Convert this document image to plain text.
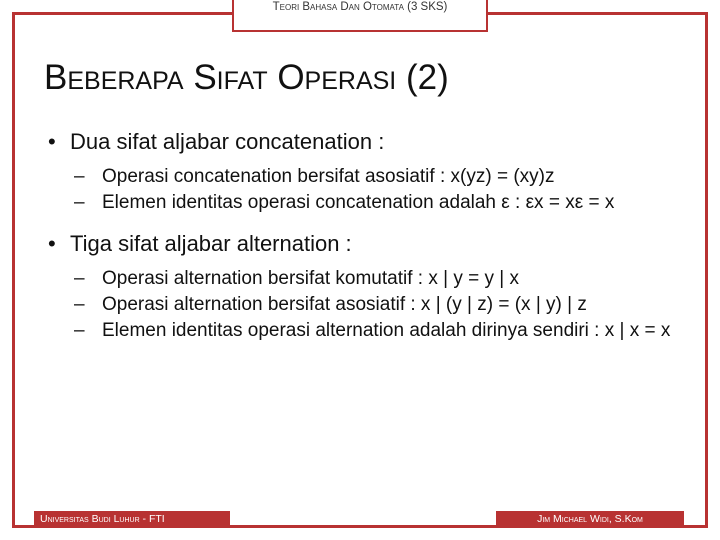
Teori Bahasa Dan Otomata (3 SKS)
Beberapa Sifat Operasi (2)
• Dua sifat aljabar concatenation :
– Operasi concatenation bersifat asosiatif : x(yz) = (xy)z
– Elemen identitas operasi concatenation adalah ε : εx = xε = x
• Tiga sifat aljabar alternation :
– Operasi alternation bersifat komutatif : x | y = y | x
– Operasi alternation bersifat asosiatif : x | (y | z) = (x | y) | z
– Elemen identitas operasi alternation adalah dirinya sendiri : x | x = x
Universitas Budi Luhur - FTI	Jim Michael Widi, S.Kom
